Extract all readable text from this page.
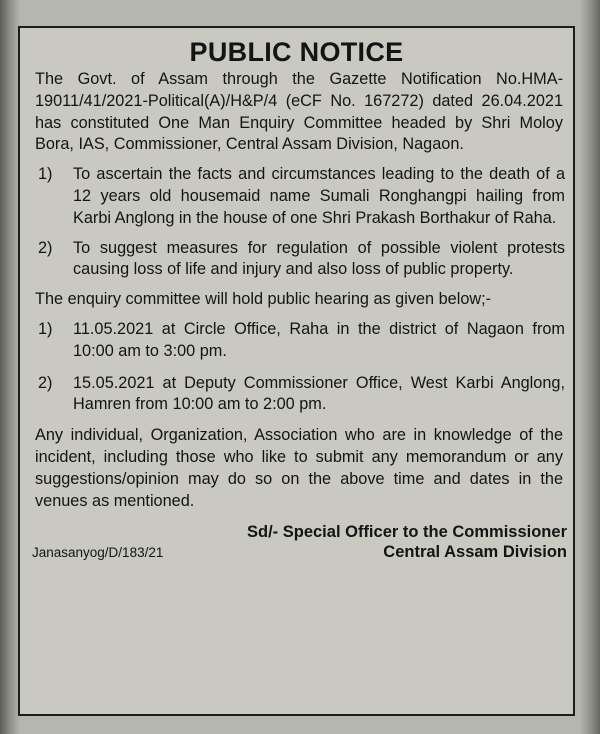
PUBLIC NOTICE
The Govt. of Assam through the Gazette Notification No.HMA-19011/41/2021-Political(A)/H&P/4 (eCF No. 167272) dated 26.04.2021 has constituted One Man Enquiry Committee headed by Shri Moloy Bora, IAS, Commissioner, Central Assam Division, Nagaon.
1)	To ascertain the facts and circumstances leading to the death of a 12 years old housemaid name Sumali Ronghangpi hailing from Karbi Anglong in the house of one Shri Prakash Borthakur of Raha.
2)	To suggest measures for regulation of possible violent protests causing loss of life and injury and also loss of public property.
The enquiry committee will hold public hearing as given below;-
1)	11.05.2021 at Circle Office, Raha in the district of Nagaon from 10:00 am to 3:00 pm.
2)	15.05.2021 at Deputy Commissioner Office, West Karbi Anglong, Hamren from 10:00 am to 2:00 pm.
Any individual, Organization, Association who are in knowledge of the incident, including those who like to submit any memorandum or any suggestions/opinion may do so on the above time and dates in the venues as mentioned.
Sd/- Special Officer to the Commissioner
Janasanyog/D/183/21	Central Assam Division
